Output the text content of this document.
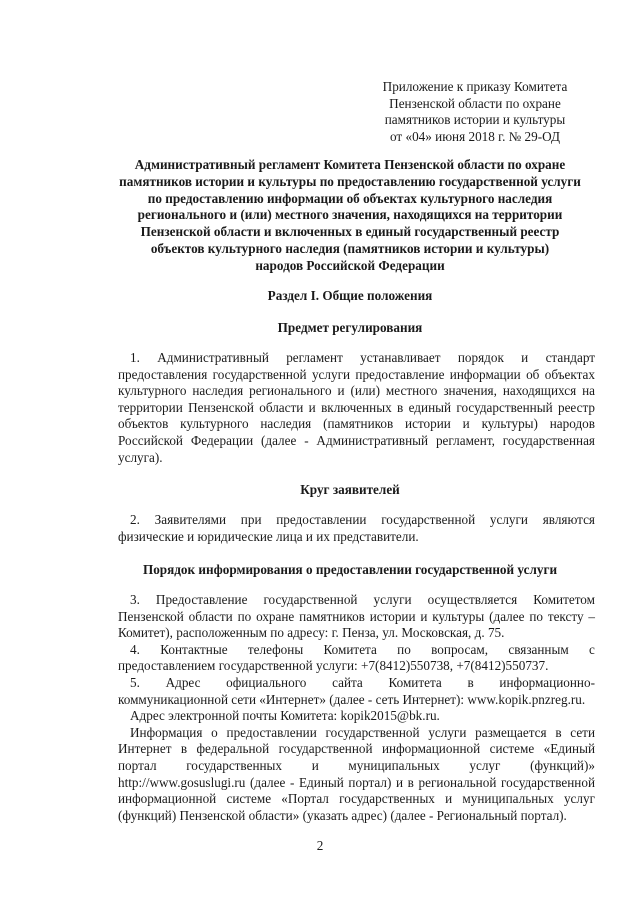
Приложение к приказу Комитета
Пензенской области по охране
памятников истории и культуры
от «04» июня 2018 г. № 29-ОД
Административный регламент Комитета Пензенской области по охране
памятников истории и культуры по предоставлению государственной услуги
по предоставлению информации об объектах культурного наследия
регионального и (или) местного значения, находящихся на территории
Пензенской области и включенных в единый государственный реестр
объектов культурного наследия (памятников истории и культуры)
народов Российской Федерации
Раздел I. Общие положения
Предмет регулирования
1. Административный регламент устанавливает порядок и стандарт
предоставления государственной услуги предоставление информации об объектах
культурного наследия регионального и (или) местного значения, находящихся на
территории Пензенской области и включенных в единый государственный реестр
объектов культурного наследия (памятников истории и культуры) народов
Российской Федерации (далее - Административный регламент, государственная
услуга).
Круг заявителей
2. Заявителями при предоставлении государственной услуги являются
физические и юридические лица и их представители.
Порядок информирования о предоставлении государственной услуги
3. Предоставление государственной услуги осуществляется Комитетом
Пензенской области по охране памятников истории и культуры (далее по тексту –
Комитет), расположенным по адресу: г. Пенза, ул. Московская, д. 75.
4. Контактные телефоны Комитета по вопросам, связанным с
предоставлением государственной услуги: +7(8412)550738, +7(8412)550737.
5. Адрес официального сайта Комитета в информационно-
коммуникационной сети «Интернет» (далее - сеть Интернет): www.kopik.pnzreg.ru.
Адрес электронной почты Комитета: kopik2015@bk.ru.
Информация о предоставлении государственной услуги размещается в сети
Интернет в федеральной государственной информационной системе «Единый
портал государственных и муниципальных услуг (функций)»
http://www.gosuslugi.ru (далее - Единый портал) и в региональной государственной
информационной системе «Портал государственных и муниципальных услуг
(функций) Пензенской области» (указать адрес) (далее - Региональный портал).
2
